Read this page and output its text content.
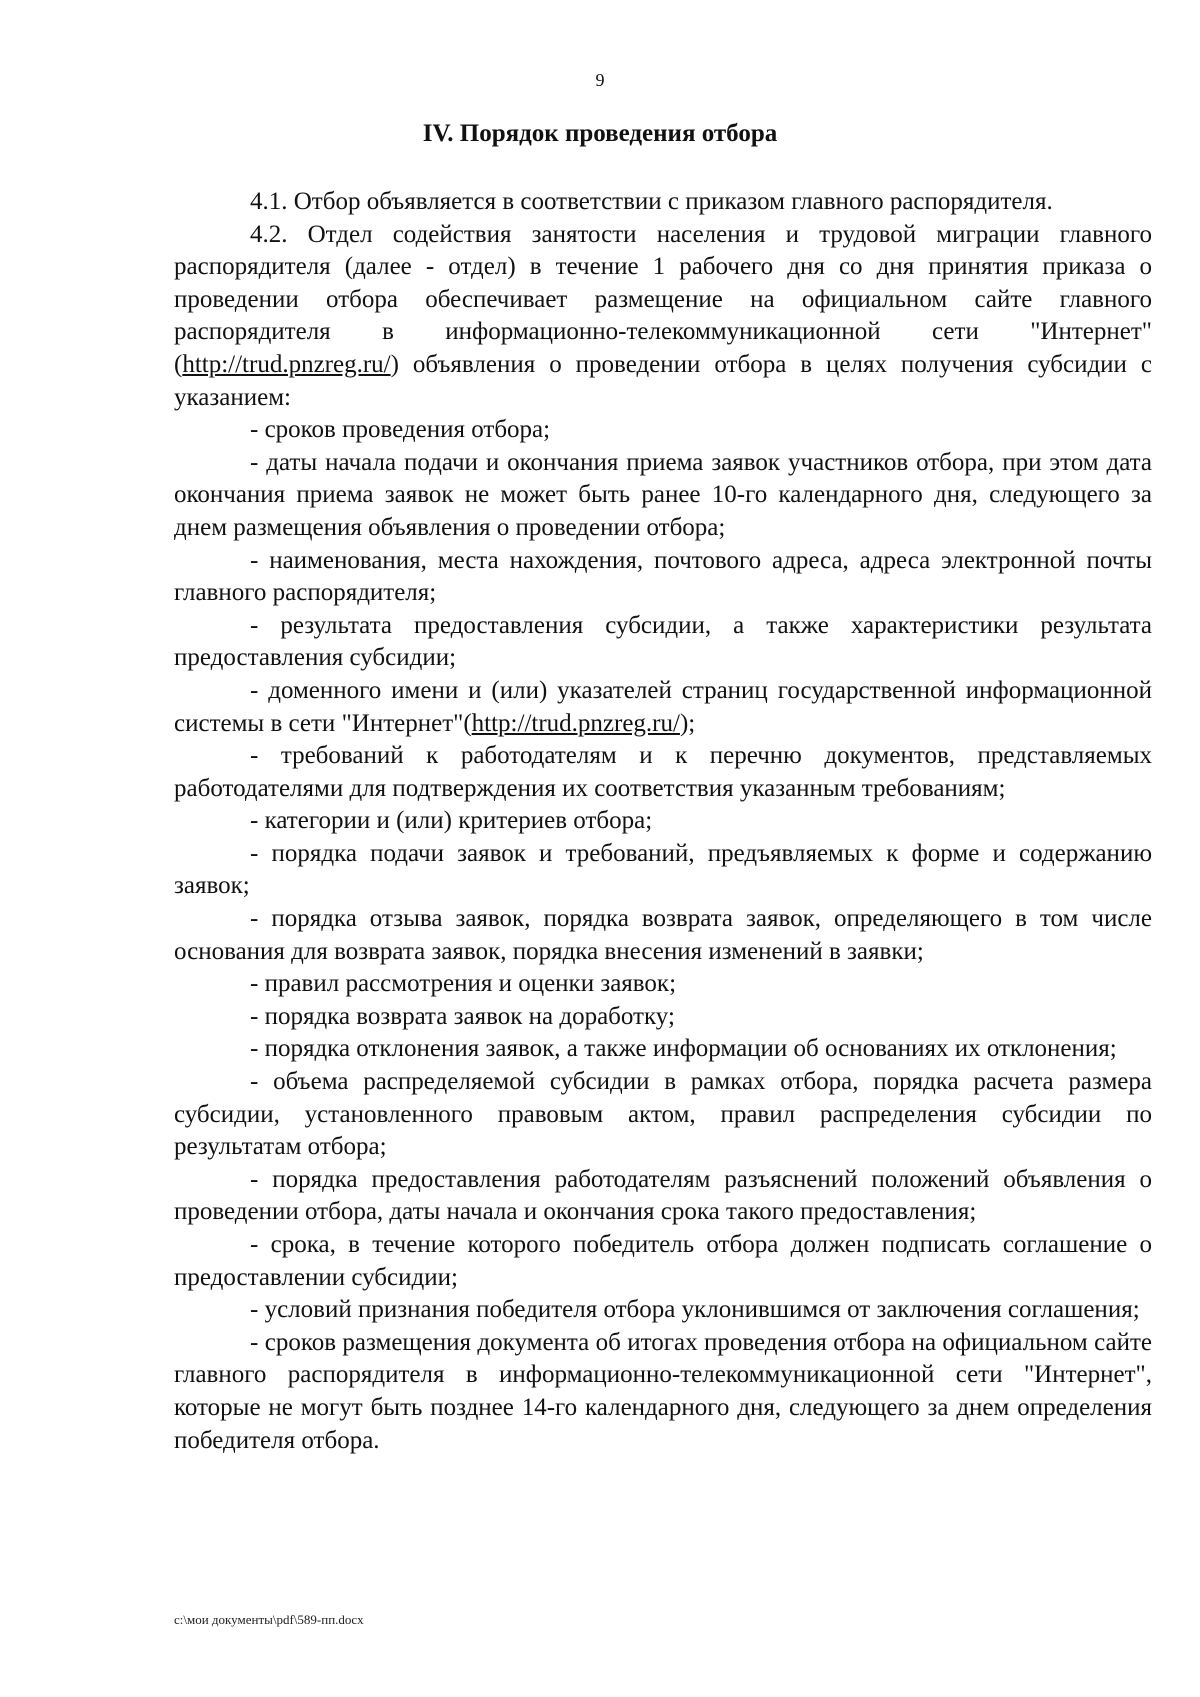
9
IV. Порядок проведения отбора

4.1. Отбор объявляется в соответствии с приказом главного распорядителя.

4.2. Отдел содействия занятости населения и трудовой миграции главного распорядителя (далее - отдел) в течение 1 рабочего дня со дня принятия приказа о проведении отбора обеспечивает размещение на официальном сайте главного распорядителя в информационно-телекоммуникационной сети "Интернет" (http://trud.pnzreg.ru/) объявления о проведении отбора в целях получения субсидии с указанием:

- сроков проведения отбора;

- даты начала подачи и окончания приема заявок участников отбора, при этом дата окончания приема заявок не может быть ранее 10-го календарного дня, следующего за днем размещения объявления о проведении отбора;

- наименования, места нахождения, почтового адреса, адреса электронной почты главного распорядителя;

- результата предоставления субсидии, а также характеристики результата предоставления субсидии;

- доменного имени и (или) указателей страниц государственной информационной системы в сети "Интернет"(http://trud.pnzreg.ru/);

- требований к работодателям и к перечню документов, представляемых работодателями для подтверждения их соответствия указанным требованиям;

- категории и (или) критериев отбора;

- порядка подачи заявок и требований, предъявляемых к форме и содержанию заявок;

- порядка отзыва заявок, порядка возврата заявок, определяющего в том числе основания для возврата заявок, порядка внесения изменений в заявки;

- правил рассмотрения и оценки заявок;

- порядка возврата заявок на доработку;

- порядка отклонения заявок, а также информации об основаниях их отклонения;

- объема распределяемой субсидии в рамках отбора, порядка расчета размера субсидии, установленного правовым актом, правил распределения субсидии по результатам отбора;

- порядка предоставления работодателям разъяснений положений объявления о проведении отбора, даты начала и окончания срока такого предоставления;

- срока, в течение которого победитель отбора должен подписать соглашение о предоставлении субсидии;

- условий признания победителя отбора уклонившимся от заключения соглашения;

- сроков размещения документа об итогах проведения отбора на официальном сайте главного распорядителя в информационно-телекоммуникационной сети "Интернет", которые не могут быть позднее 14-го календарного дня, следующего за днем определения победителя отбора.

c:\мои документы\pdf\589-пп.docx
